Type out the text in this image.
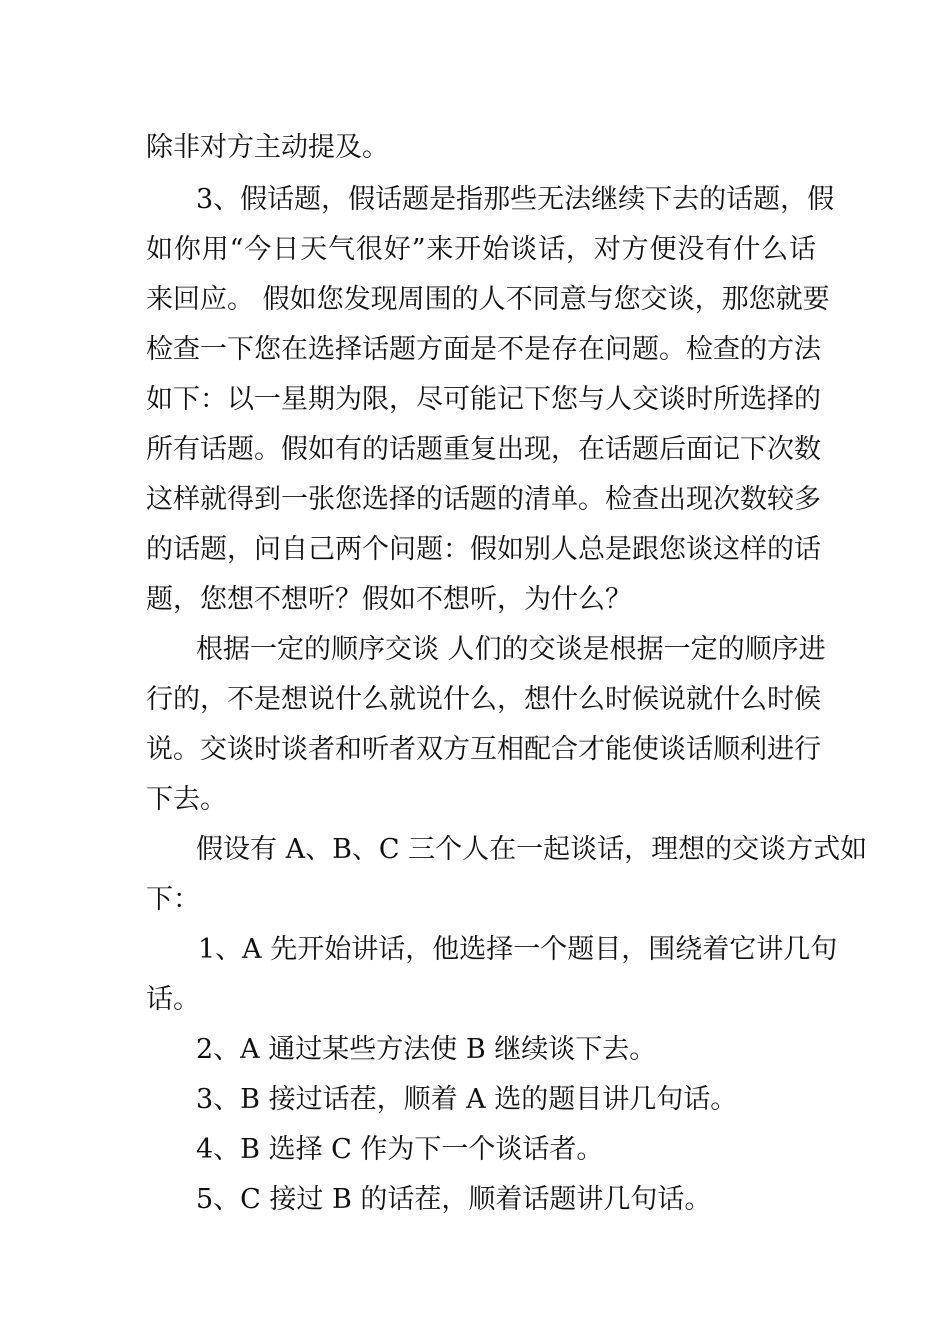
除非对方主动提及。

3、假话题，假话题是指那些无法继续下去的话题，假

如你用“今日天气很好”来开始谈话，对方便没有什么话

来回应。 假如您发现周围的人不同意与您交谈，那您就要

检查一下您在选择话题方面是不是存在问题。检查的方法

如下：以一星期为限，尽可能记下您与人交谈时所选择的

所有话题。假如有的话题重复出现，在话题后面记下次数

这样就得到一张您选择的话题的清单。检查出现次数较多

的话题，问自己两个问题：假如别人总是跟您谈这样的话

题，您想不想听？假如不想听，为什么？

根据一定的顺序交谈 人们的交谈是根据一定的顺序进

行的，不是想说什么就说什么，想什么时候说就什么时候

说。交谈时谈者和听者双方互相配合才能使谈话顺利进行

下去。

假设有 A、B、C 三个人在一起谈话，理想的交谈方式如

下：

1、A 先开始讲话，他选择一个题目，围绕着它讲几句

话。

2、A 通过某些方法使 B 继续谈下去。

3、B 接过话茬，顺着 A 选的题目讲几句话。

4、B 选择 C 作为下一个谈话者。

5、C 接过 B 的话茬，顺着话题讲几句话。
